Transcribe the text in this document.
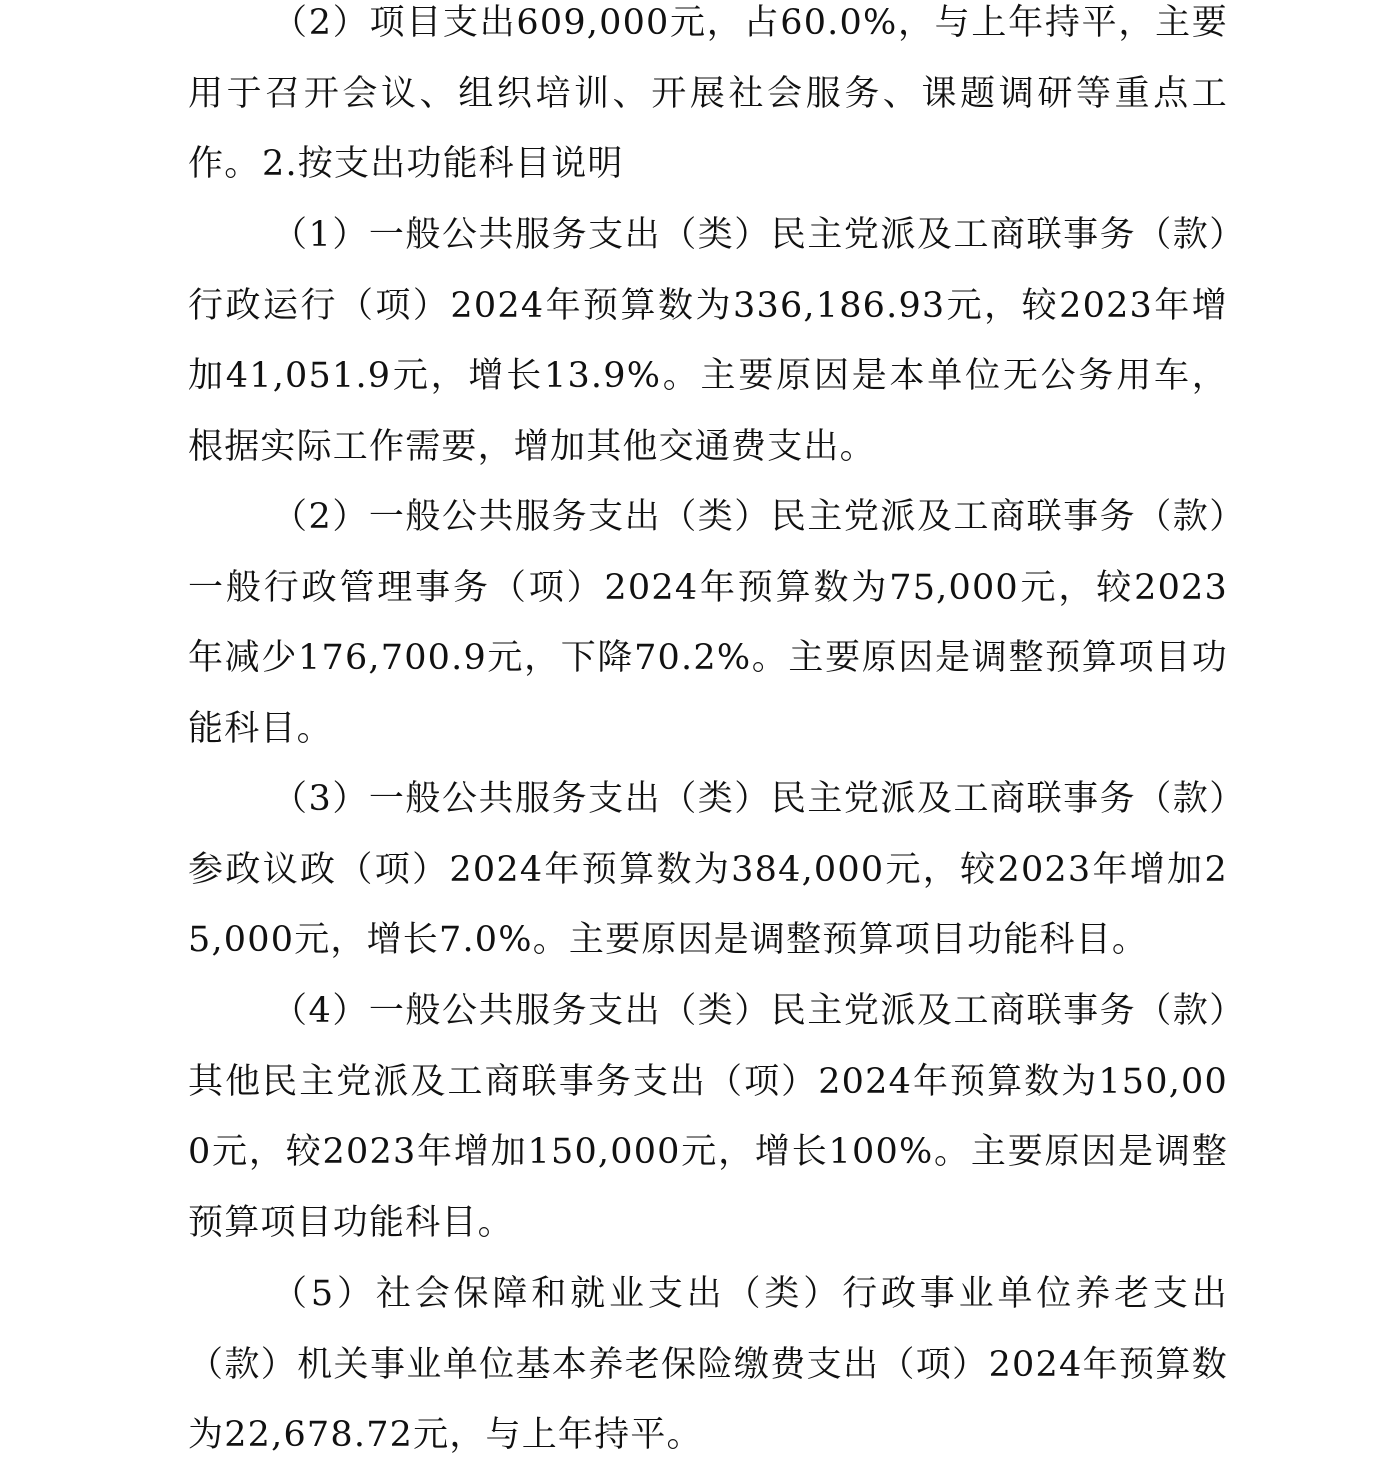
（2）项目支出609,000元，占60.0%，与上年持平，主要用于召开会议、组织培训、开展社会服务、课题调研等重点工作。 2.按支出功能科目说明

（1）一般公共服务支出（类）民主党派及工商联事务（款）行政运行（项）2024年预算数为336,186.93元，较2023年增加41,051.9元，增长13.9%。主要原因是本单位无公务用车，根据实际工作需要，增加其他交通费支出。

（2）一般公共服务支出（类）民主党派及工商联事务（款）一般行政管理事务（项）2024年预算数为75,000元，较2023年减少176,700.9元，下降70.2%。主要原因是调整预算项目功能科目。

（3）一般公共服务支出（类）民主党派及工商联事务（款）参政议政（项）2024年预算数为384,000元，较2023年增加25,000元，增长7.0%。主要原因是调整预算项目功能科目。

（4）一般公共服务支出（类）民主党派及工商联事务（款）其他民主党派及工商联事务支出（项）2024年预算数为150,000元，较2023年增加150,000元，增长100%。主要原因是调整预算项目功能科目。

（5）社会保障和就业支出（类）行政事业单位养老支出（款）机关事业单位基本养老保险缴费支出（项）2024年预算数为22,678.72元，与上年持平。
